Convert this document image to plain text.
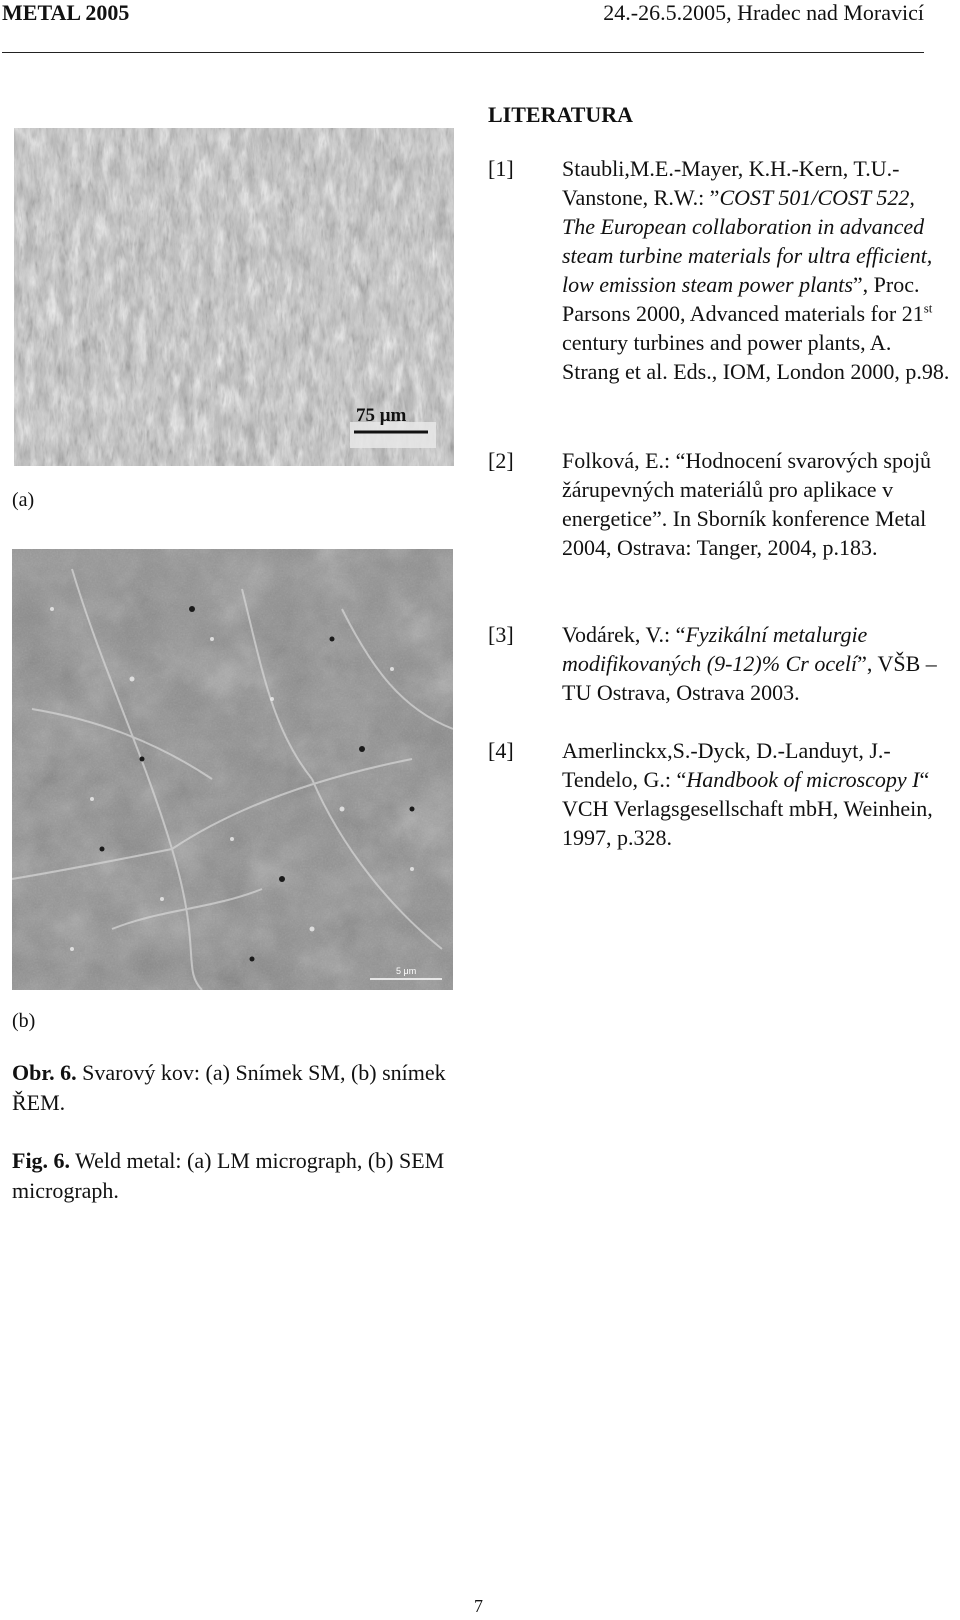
METAL 2005	24.-26.5.2005, Hradec nad Moravicí
75 μm
(a)
5 μm
(b)
Obr. 6. Svarový kov: (a) Snímek SM, (b) snímek ŘEM.
Fig. 6. Weld metal: (a) LM micrograph, (b) SEM micrograph.
LITERATURA
[1] Staubli,M.E.-Mayer, K.H.-Kern, T.U.-Vanstone, R.W.: ”COST 501/COST 522, The European collaboration in advanced steam turbine materials for ultra efficient, low emission steam power plants”, Proc. Parsons 2000, Advanced materials for 21st century turbines and power plants, A. Strang et al. Eds., IOM, London 2000, p.98.
[2] Folková, E.: “Hodnocení svarových spojů žárupevných materiálů pro aplikace v energetice”. In Sborník konference Metal 2004, Ostrava: Tanger, 2004, p.183.
[3] Vodárek, V.: “Fyzikální metalurgie modifikovaných (9-12)% Cr ocelí”, VŠB – TU Ostrava, Ostrava 2003.
[4] Amerlinckx,S.-Dyck, D.-Landuyt, J.-Tendelo, G.: “Handbook of microscopy I“ VCH Verlagsgesellschaft mbH, Weinhein, 1997, p.328.
7
